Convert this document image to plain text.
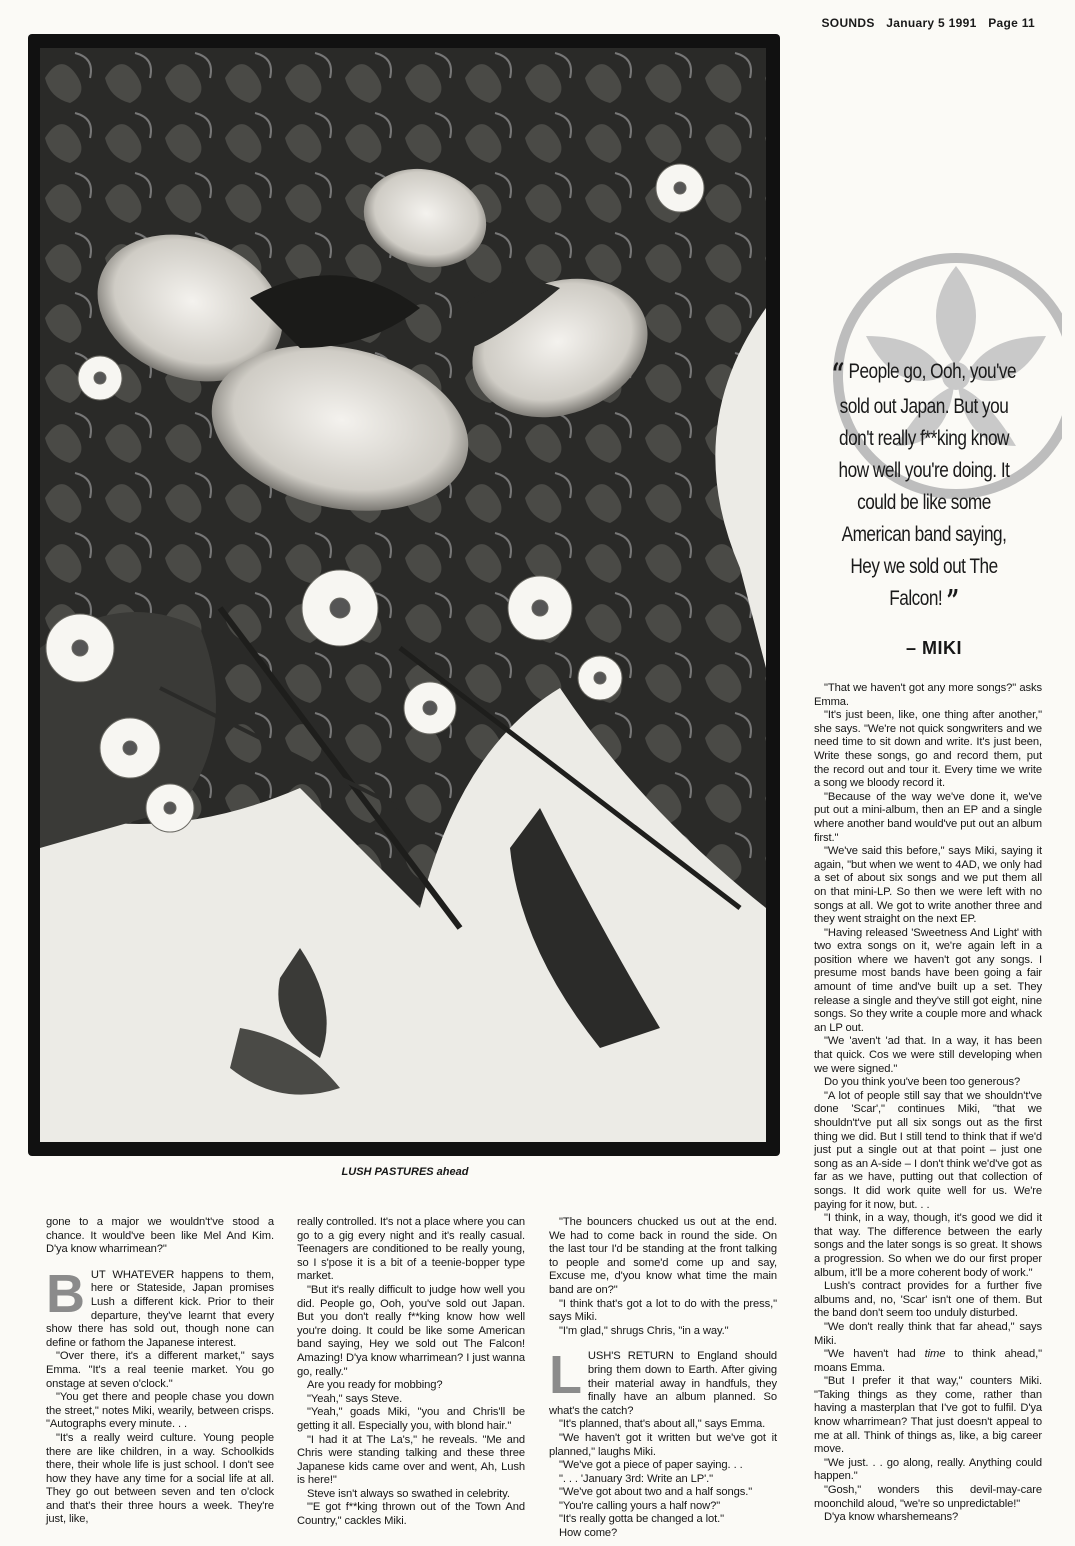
SOUNDS January 5 1991 Page 11
LUSH PASTURES ahead
“ People go, Ooh, you've sold out Japan. But you don't really f**king know how well you're doing. It could be like some American band saying, Hey we sold out The Falcon! ”
– MIKI

gone to a major we wouldn't've stood a chance. It would've been like Mel And Kim. D'ya know wharrimean?"

BUT WHATEVER happens to them, here or Stateside, Japan promises Lush a different kick. Prior to their departure, they've learnt that every show there has sold out, though none can define or fathom the Japanese interest.

"Over there, it's a different market," says Emma. "It's a real teenie market. You go onstage at seven o'clock."

"You get there and people chase you down the street," notes Miki, wearily, between crisps. "Autographs every minute. . .

"It's a really weird culture. Young people there are like children, in a way. Schoolkids there, their whole life is just school. I don't see how they have any time for a social life at all. They go out between seven and ten o'clock and that's their three hours a week. They're just, like,

really controlled. It's not a place where you can go to a gig every night and it's really casual. Teenagers are conditioned to be really young, so I s'pose it is a bit of a teenie-bopper type market.

"But it's really difficult to judge how well you did. People go, Ooh, you've sold out Japan. But you don't really f**king know how well you're doing. It could be like some American band saying, Hey we sold out The Falcon! Amazing! D'ya know wharrimean? I just wanna go, really."

Are you ready for mobbing?

"Yeah," says Steve.

"Yeah," goads Miki, "you and Chris'll be getting it all. Especially you, with blond hair."

"I had it at The La's," he reveals. "Me and Chris were standing talking and these three Japanese kids came over and went, Ah, Lush is here!"

Steve isn't always so swathed in celebrity.

"'E got f**king thrown out of the Town And Country," cackles Miki.

"The bouncers chucked us out at the end. We had to come back in round the side. On the last tour I'd be standing at the front talking to people and some'd come up and say, Excuse me, d'you know what time the main band are on?"

"I think that's got a lot to do with the press," says Miki.

"I'm glad," shrugs Chris, "in a way."

LUSH'S RETURN to England should bring them down to Earth. After giving their material away in handfuls, they finally have an album planned. So what's the catch?

"It's planned, that's about all," says Emma.

"We haven't got it written but we've got it planned," laughs Miki.

"We've got a piece of paper saying. . .

". . . 'January 3rd: Write an LP'."

"We've got about two and a half songs."

"You're calling yours a half now?"

"It's really gotta be changed a lot."

How come?

"That we haven't got any more songs?" asks Emma.

"It's just been, like, one thing after another," she says. "We're not quick songwriters and we need time to sit down and write. It's just been, Write these songs, go and record them, put the record out and tour it. Every time we write a song we bloody record it.

"Because of the way we've done it, we've put out a mini-album, then an EP and a single where another band would've put out an album first."

"We've said this before," says Miki, saying it again, "but when we went to 4AD, we only had a set of about six songs and we put them all on that mini-LP. So then we were left with no songs at all. We got to write another three and they went straight on the next EP.

"Having released 'Sweetness And Light' with two extra songs on it, we're again left in a position where we haven't got any songs. I presume most bands have been going a fair amount of time and've built up a set. They release a single and they've still got eight, nine songs. So they write a couple more and whack an LP out.

"We 'aven't 'ad that. In a way, it has been that quick. Cos we were still developing when we were signed."

Do you think you've been too generous?

"A lot of people still say that we shouldn't've done 'Scar'," continues Miki, "that we shouldn't've put all six songs out as the first thing we did. But I still tend to think that if we'd just put a single out at that point – just one song as an A-side – I don't think we'd've got as far as we have, putting out that collection of songs. It did work quite well for us. We're paying for it now, but. . .

"I think, in a way, though, it's good we did it that way. The difference between the early songs and the later songs is so great. It shows a progression. So when we do our first proper album, it'll be a more coherent body of work."

Lush's contract provides for a further five albums and, no, 'Scar' isn't one of them. But the band don't seem too unduly disturbed.

"We don't really think that far ahead," says Miki.

"We haven't had time to think ahead," moans Emma.

"But I prefer it that way," counters Miki. "Taking things as they come, rather than having a masterplan that I've got to fulfil. D'ya know wharrimean? That just doesn't appeal to me at all. Think of things as, like, a big career move.

"We just. . . go along, really. Anything could happen."

"Gosh," wonders this devil-may-care moonchild aloud, "we're so unpredictable!"

D'ya know wharshemeans?
